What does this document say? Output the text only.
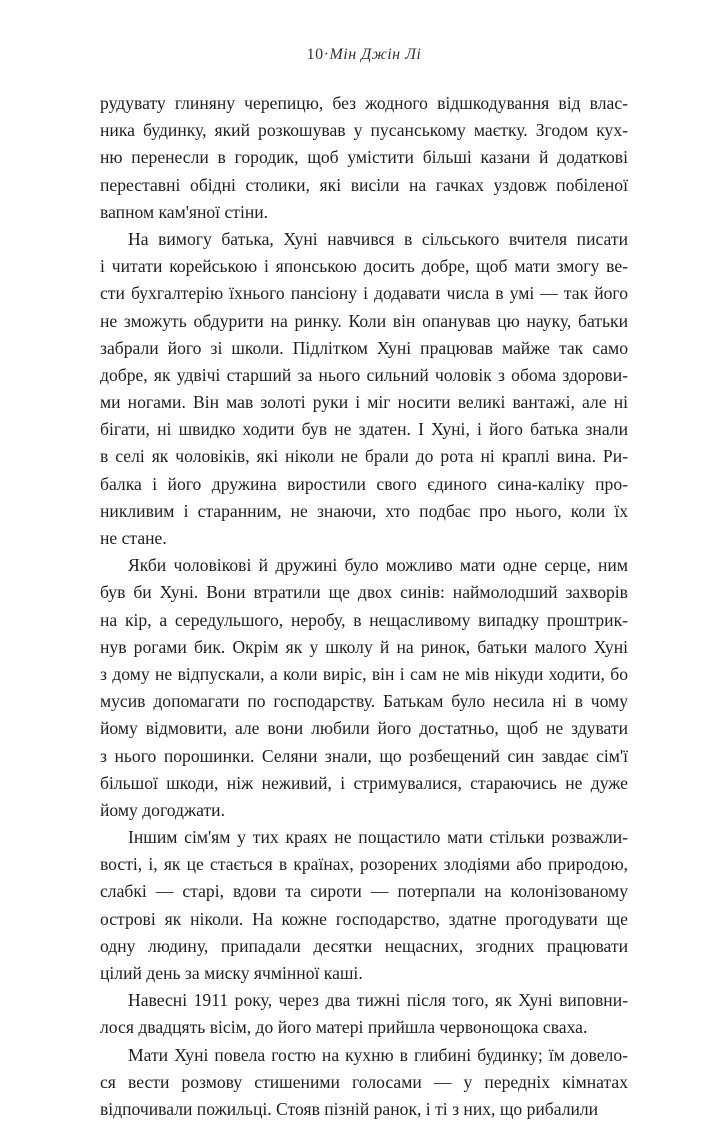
10·Мін Джін Лі
рудувату глиняну черепицю, без жодного відшкодування від влас-
ника будинку, який розкошував у пусанському маєтку. Згодом кух-
ню перенесли в городик, щоб умістити більші казани й додаткові
переставні обідні столики, які висіли на гачках уздовж побіленої
вапном кам'яної стіни.
На вимогу батька, Хуні навчився в сільського вчителя писати
і читати корейською і японською досить добре, щоб мати змогу ве-
сти бухгалтерію їхнього пансіону і додавати числа в умі — так його
не зможуть обдурити на ринку. Коли він опанував цю науку, батьки
забрали його зі школи. Підлітком Хуні працював майже так само
добре, як удвічі старший за нього сильний чоловік з обома здорови-
ми ногами. Він мав золоті руки і міг носити великі вантажі, але ні
бігати, ні швидко ходити був не здатен. І Хуні, і його батька знали
в селі як чоловіків, які ніколи не брали до рота ні краплі вина. Ри-
балка і його дружина виростили свого єдиного сина-каліку про-
никливим і старанним, не знаючи, хто подбає про нього, коли їх
не стане.
Якби чоловікові й дружині було можливо мати одне серце, ним
був би Хуні. Вони втратили ще двох синів: наймолодший захворів
на кір, а середульшого, неробу, в нещасливому випадку проштрик-
нув рогами бик. Окрім як у школу й на ринок, батьки малого Хуні
з дому не відпускали, а коли виріс, він і сам не мів нікуди ходити, бо
мусив допомагати по господарству. Батькам було несила ні в чому
йому відмовити, але вони любили його достатньо, щоб не здувати
з нього порошинки. Селяни знали, що розбещений син завдає сім'ї
більшої шкоди, ніж неживий, і стримувалися, стараючись не дуже
йому догоджати.
Іншим сім'ям у тих краях не пощастило мати стільки розважли-
вості, і, як це стається в країнах, розорених злодіями або природою,
слабкі — старі, вдови та сироти — потерпали на колонізованому
острові як ніколи. На кожне господарство, здатне прогодувати ще
одну людину, припадали десятки нещасних, згодних працювати
цілий день за миску ячмінної каші.
Навесні 1911 року, через два тижні після того, як Хуні виповни-
лося двадцять вісім, до його матері прийшла червонощока сваха.
Мати Хуні повела гостю на кухню в глибині будинку; їм довело-
ся вести розмову стишеними голосами — у передніх кімнатах
відпочивали пожильці. Стояв пізній ранок, і ті з них, що рибалили
